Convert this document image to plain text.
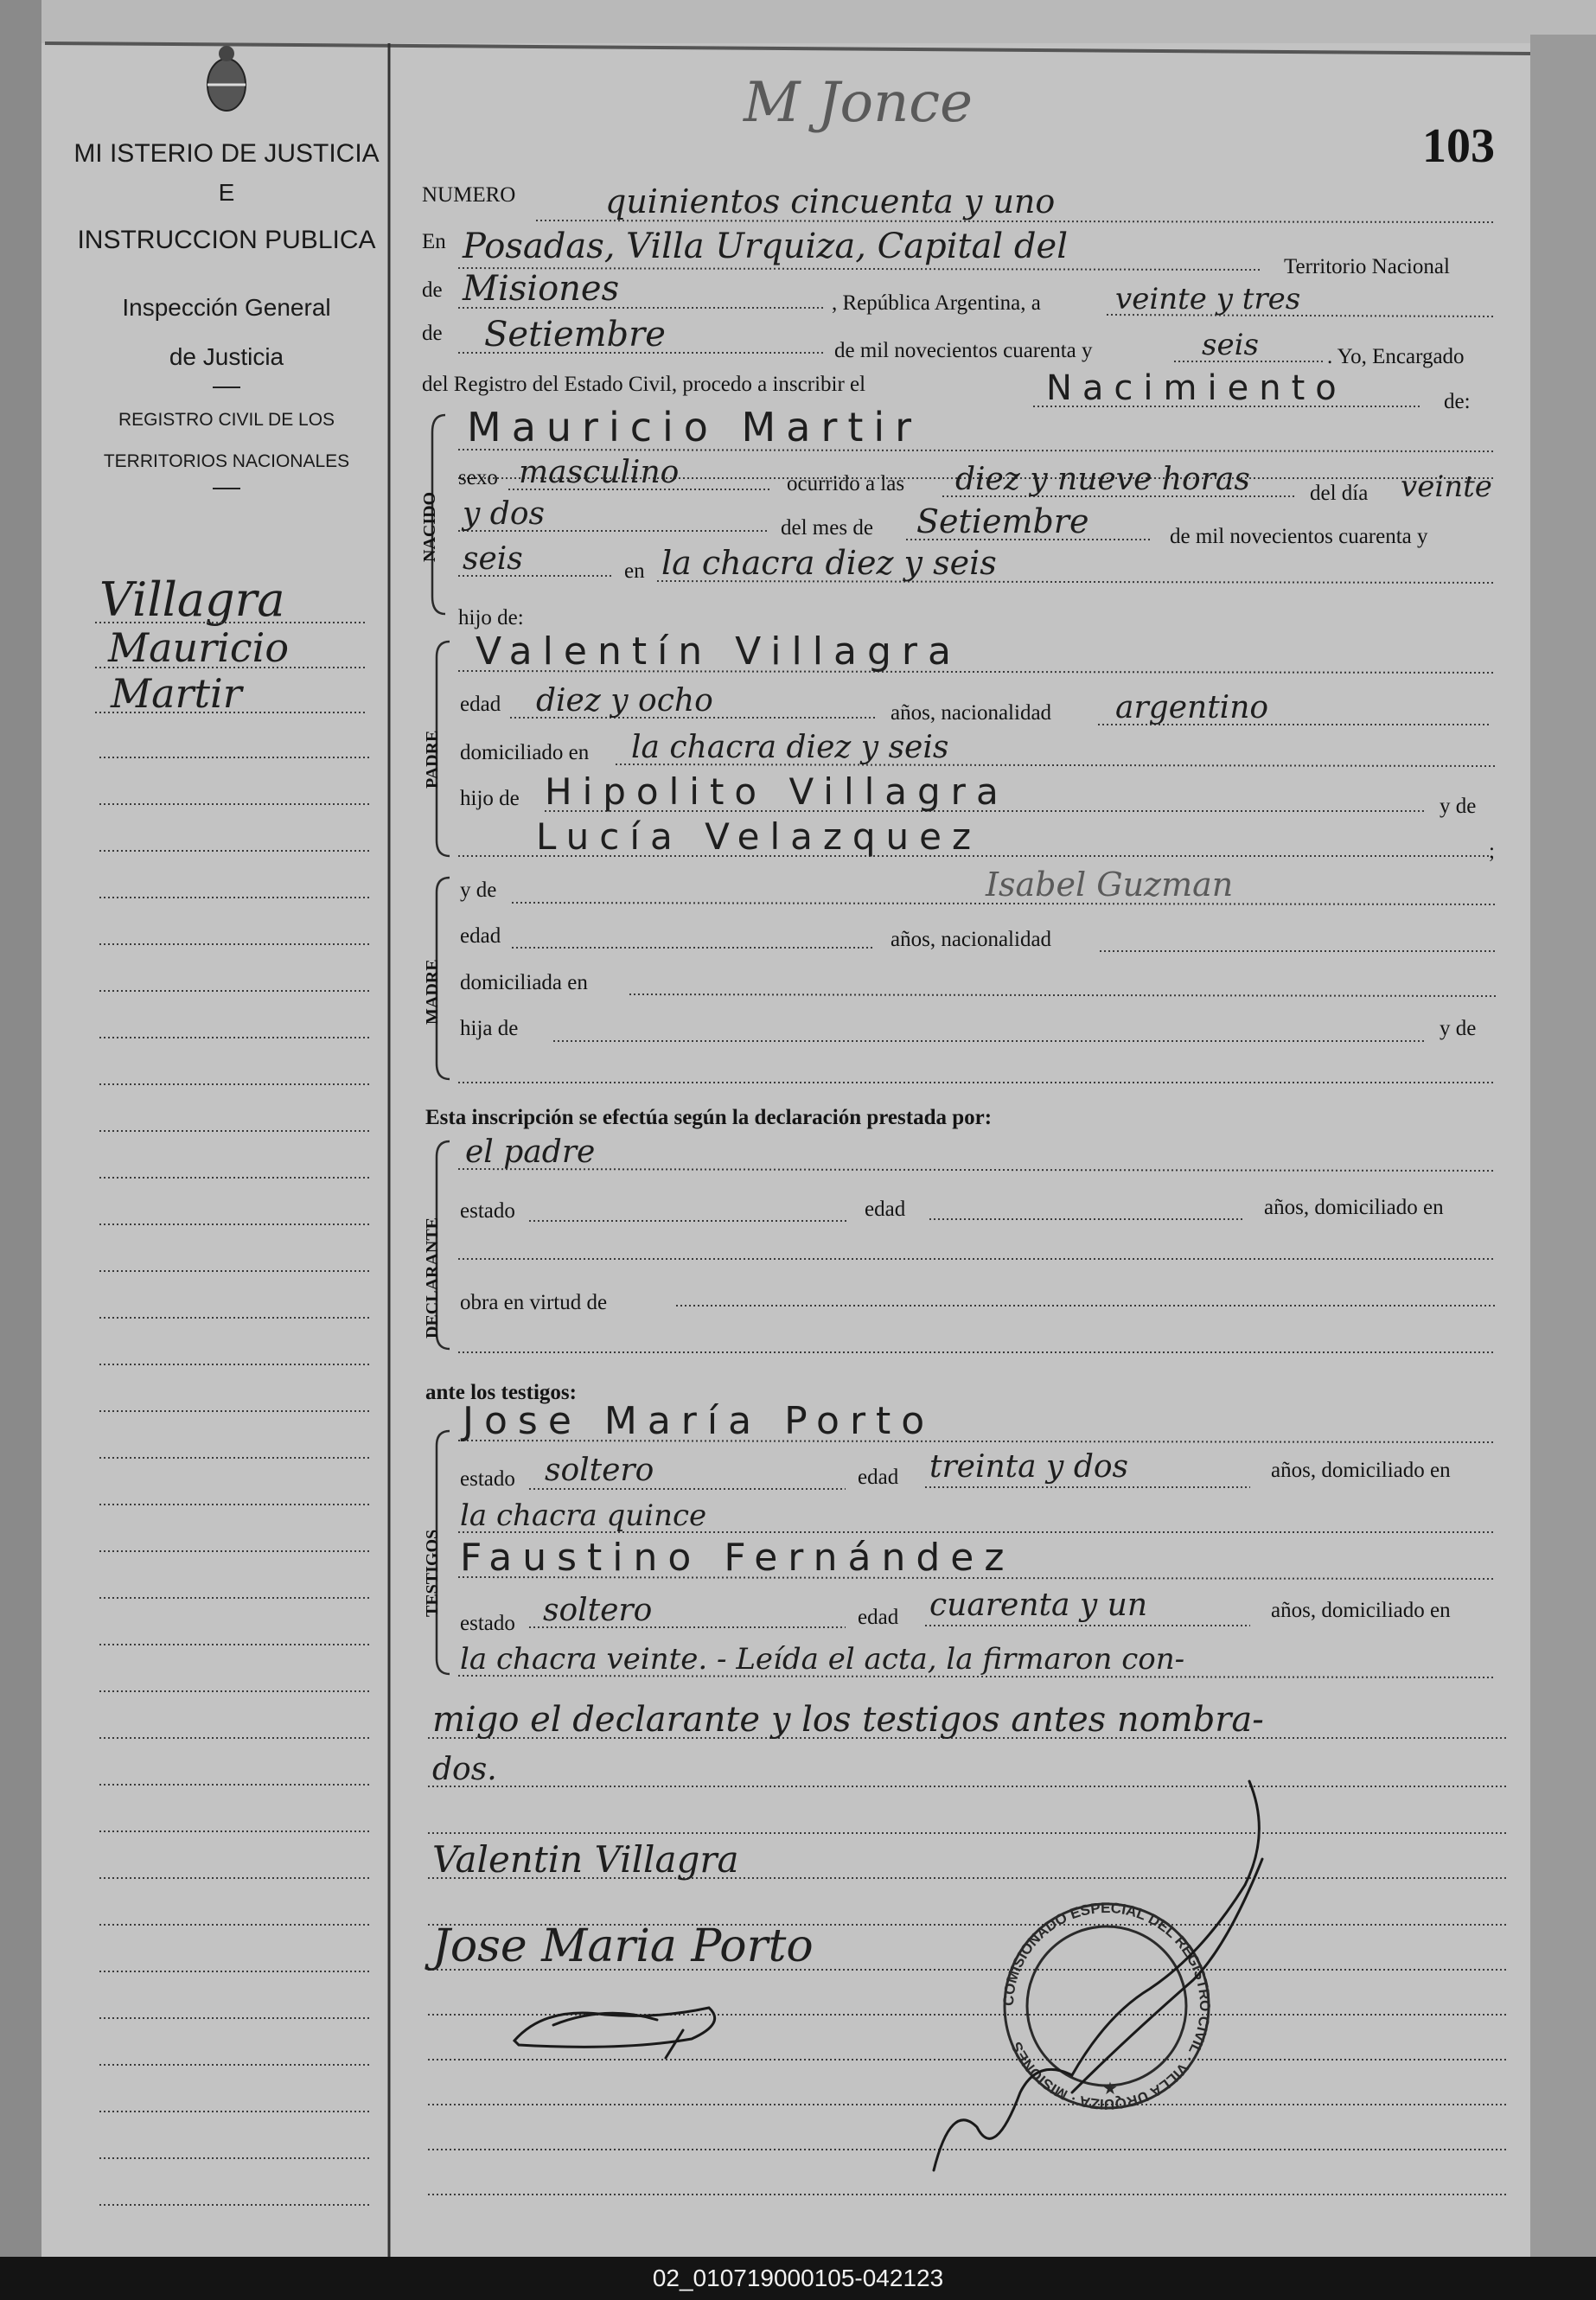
MI ISTERIO DE JUSTICIA
E
INSTRUCCION PUBLICA
Inspección General
de Justicia
REGISTRO CIVIL DE LOS
TERRITORIOS NACIONALES
M Jonce
103
Villagra
Mauricio
Martir
NUMERO	quinientos cincuenta y uno
En Posadas, Villa Urquiza, Capital del
Territorio Nacional
de Misiones	, República Argentina, a	veinte y tres
de Setiembre	de mil novecientos cuarenta y	seis	. Yo, Encargado
del Registro del Estado Civil, procedo a inscribir el	Nacimiento	de:
Mauricio Martir
NACIDO
sexo masculino	ocurrido a las diez y nueve horas	del día veinte
y dos	del mes de Setiembre	de mil novecientos cuarenta y
seis	en la chacra diez y seis
hijo de:
PADRE
Valentín Villagra
edad diez y ocho	años, nacionalidad argentino
domiciliado en la chacra diez y seis
hijo de Hipolito Villagra	y de
Lucía Velazquez	;
MADRE
y de	Isabel Guzman
edad	años, nacionalidad
domiciliada en
hija de	y de
Esta inscripción se efectúa según la declaración prestada por:
DECLARANTE
el padre
estado	edad	años, domiciliado en
obra en virtud de
ante los testigos:
TESTIGOS
Jose María Porto
estado soltero	edad treinta y dos	años, domiciliado en
la chacra quince
Faustino Fernández
estado soltero	edad cuarenta y un	años, domiciliado en
la chacra veinte. - Leída el acta, la firmaron con-
migo el declarante y los testigos antes nombra-
dos.
Valentin Villagra
Jose Maria Porto
COMISIONADO ESPECIAL DEL REGISTRO CIVIL · VILLA URQUIZA · MISIONES
★
02_010719000105-042123
